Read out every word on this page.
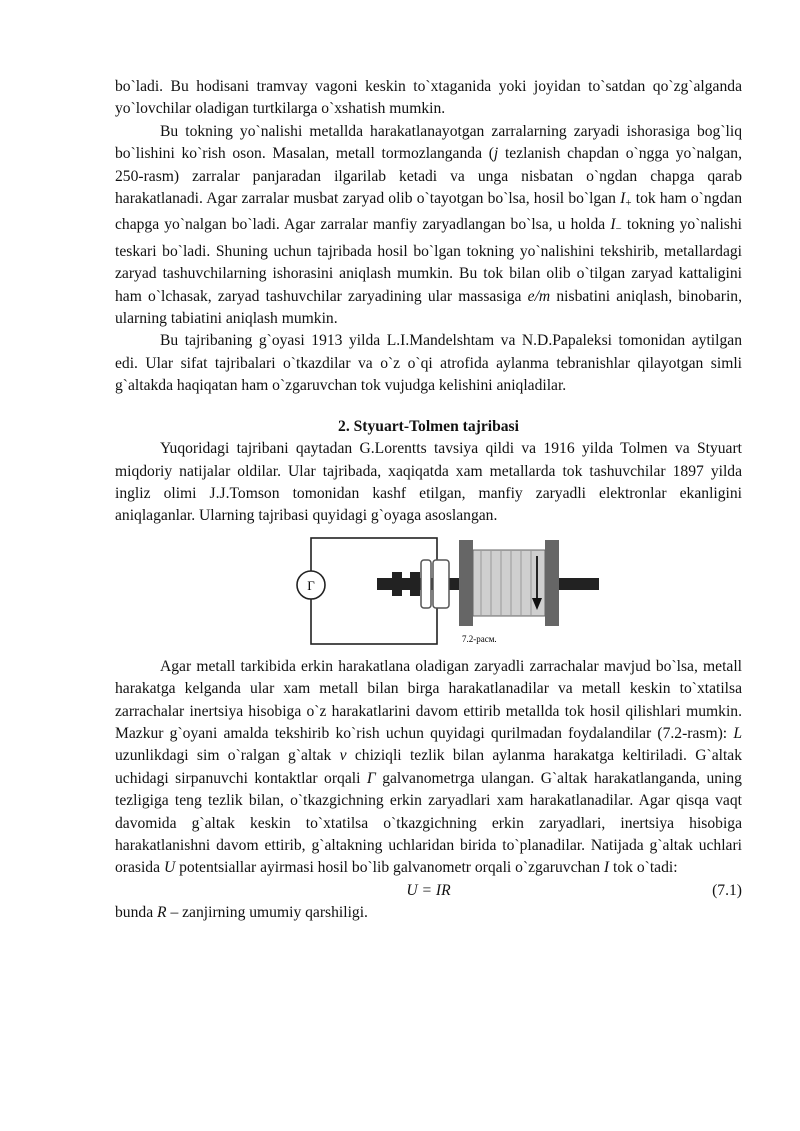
bo`ladi. Bu hodisani tramvay vagoni keskin to`xtaganida yoki joyidan to`satdan qo`zg`alganda yo`lovchilar oladigan turtkilarga o`xshatish mumkin.

Bu tokning yo`nalishi metallda harakatlanayotgan zarralarning zaryadi ishorasiga bog`liq bo`lishini ko`rish oson. Masalan, metall tormozlanganda (j tezlanish chapdan o`ngga yo`nalgan, 250-rasm) zarralar panjaradan ilgarilab ketadi va unga nisbatan o`ngdan chapga qarab harakatlanadi. Agar zarralar musbat zaryad olib o`tayotgan bo`lsa, hosil bo`lgan $I_+$ tok ham o`ngdan chapga yo`nalgan bo`ladi. Agar zarralar manfiy zaryadlangan bo`lsa, u holda $I_-$ tokning yo`nalishi teskari bo`ladi. Shuning uchun tajribada hosil bo`lgan tokning yo`nalishini tekshirib, metallardagi zaryad tashuvchilarning ishorasini aniqlash mumkin. Bu tok bilan olib o`tilgan zaryad kattaligini ham o`lchasak, zaryad tashuvchilar zaryadining ular massasiga e/m nisbatini aniqlash, binobarin, ularning tabiatini aniqlash mumkin.

Bu tajribaning g`oyasi 1913 yilda L.I.Mandelshtam va N.D.Papaleksi tomonidan aytilgan edi. Ular sifat tajribalari o`tkazdilar va o`z o`qi atrofida aylanma tebranishlar qilayotgan simli g`altakda haqiqatan ham o`zgaruvchan tok vujudga kelishini aniqladilar.

2. Styuart-Tolmen tajribasi

Yuqoridagi tajribani qaytadan G.Lorentts tavsiya qildi va 1916 yilda Tolmen va Styuart miqdoriy natijalar oldilar. Ular tajribada, xaqiqatda xam metallarda tok tashuvchilar 1897 yilda ingliz olimi J.J.Tomson tomonidan kashf etilgan, manfiy zaryadli elektronlar ekanligini aniqlaganlar. Ularning tajribasi quyidagi g`oyaga asoslangan.

Г
7.2-расм.

Agar metall tarkibida erkin harakatlana oladigan zaryadli zarrachalar mavjud bo`lsa, metall harakatga kelganda ular xam metall bilan birga harakatlanadilar va metall keskin to`xtatilsa zarrachalar inertsiya hisobiga o`z harakatlarini davom ettirib metallda tok hosil qilishlari mumkin. Mazkur g`oyani amalda tekshirib ko`rish uchun quyidagi qurilmadan foydalandilar (7.2-rasm): L uzunlikdagi sim o`ralgan g`altak v chiziqli tezlik bilan aylanma harakatga keltiriladi. G`altak uchidagi sirpanuvchi kontaktlar orqali Г galvanometrga ulangan. G`altak harakatlanganda, uning tezligiga teng tezlik bilan, o`tkazgichning erkin zaryadlari xam harakatlanadilar. Agar qisqa vaqt davomida g`altak keskin to`xtatilsa o`tkazgichning erkin zaryadlari, inertsiya hisobiga harakatlanishni davom ettirib, g`altakning uchlaridan birida to`planadilar. Natijada g`altak uchlari orasida U potentsiallar ayirmasi hosil bo`lib galvanometr orqali o`zgaruvchan I tok o`tadi:

U = IR	(7.1)

bunda R – zanjirning umumiy qarshiligi.
